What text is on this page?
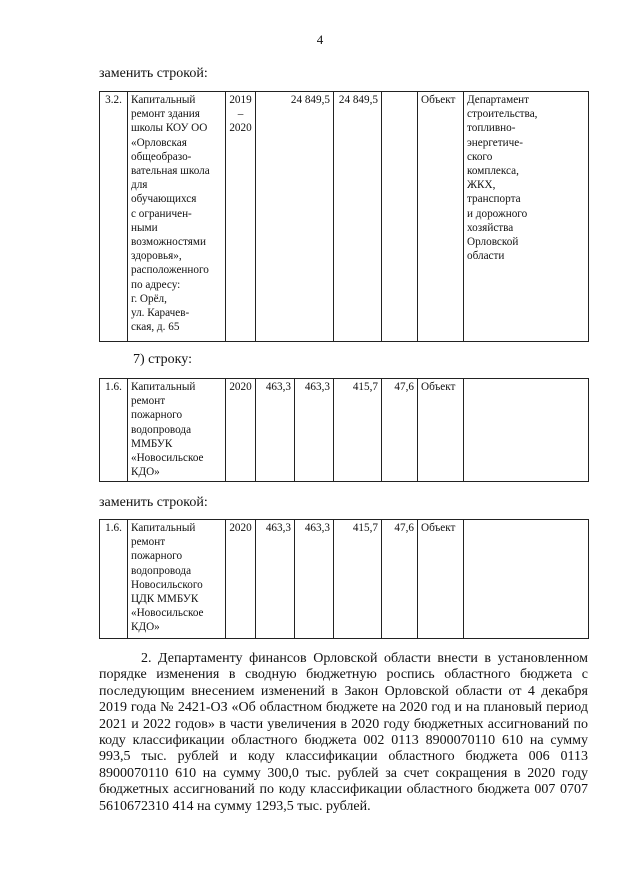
4

заменить строкой:

3.2.	Капитальный
ремонт здания
школы КОУ ОО
«Орловская
общеобразо-
вательная школа
для
обучающихся
с ограничен-
ными
возможностями
здоровья»,
расположенного
по адресу:
г. Орёл,
ул. Карачев-
ская, д. 65	2019
–
2020	24 849,5	24 849,5		Объект	Департамент
строительства,
топливно-
энергетиче-
ского
комплекса,
ЖКХ,
транспорта
и дорожного
хозяйства
Орловской
области

7) строку:

1.6.	Капитальный
ремонт
пожарного
водопровода
ММБУК
«Новосильское
КДО»	2020	463,3	463,3	415,7	47,6	Объект	

заменить строкой:

1.6.	Капитальный
ремонт
пожарного
водопровода
Новосильского
ЦДК ММБУК
«Новосильское
КДО»	2020	463,3	463,3	415,7	47,6	Объект	

2. Департаменту финансов Орловской области внести в установленном порядке изменения в сводную бюджетную роспись областного бюджета с последующим внесением изменений в Закон Орловской области от 4 декабря 2019 года № 2421-ОЗ «Об областном бюджете на 2020 год и на плановый период 2021 и 2022 годов» в части увеличения в 2020 году бюджетных ассигнований по коду классификации областного бюджета 002 0113 8900070110 610 на сумму 993,5 тыс. рублей и коду классификации областного бюджета 006 0113 8900070110 610 на сумму 300,0 тыс. рублей за счет сокращения в 2020 году бюджетных ассигнований по коду классификации областного бюджета 007 0707 5610672310 414 на сумму 1293,5 тыс. рублей.
